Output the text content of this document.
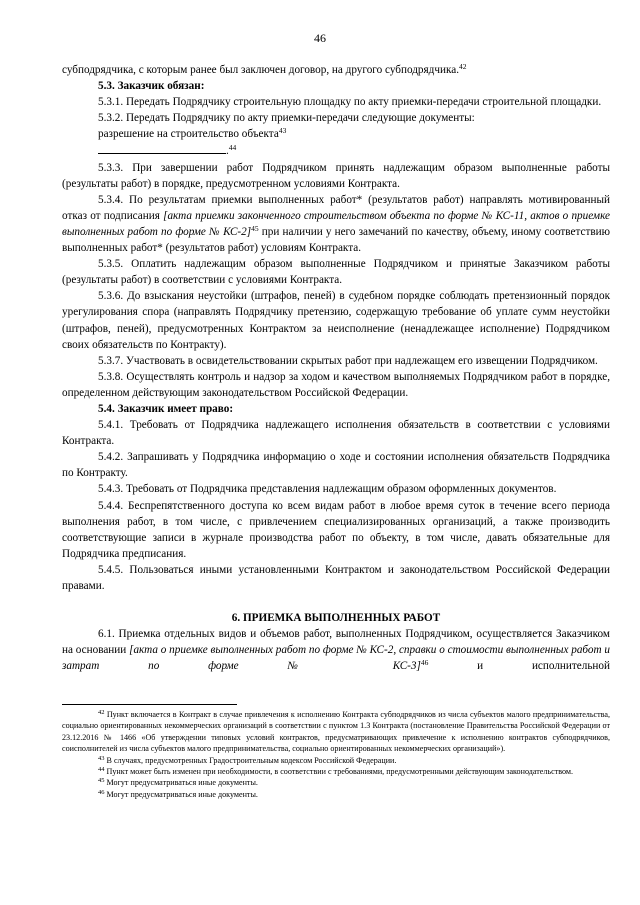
46
субподрядчика, с которым ранее был заключен договор, на другого субподрядчика.$^{42}$
5.3. Заказчик обязан:
5.3.1. Передать Подрядчику строительную площадку по акту приемки-передачи строительной площадки.
5.3.2. Передать Подрядчику по акту приемки-передачи следующие документы:
разрешение на строительство объекта$^{43}$
.$^{44}$
5.3.3. При завершении работ Подрядчиком принять надлежащим образом выполненные работы (результаты работ) в порядке, предусмотренном условиями Контракта.
5.3.4. По результатам приемки выполненных работ* (результатов работ) направлять мотивированный отказ от подписания [акта приемки законченного строительством объекта по форме № КС-11, актов о приемке выполненных работ по форме № КС-2]$^{45}$ при наличии у него замечаний по качеству, объему, иному соответствию выполненных работ* (результатов работ) условиям Контракта.
5.3.5. Оплатить надлежащим образом выполненные Подрядчиком и принятые Заказчиком работы (результаты работ) в соответствии с условиями Контракта.
5.3.6. До взыскания неустойки (штрафов, пеней) в судебном порядке соблюдать претензионный порядок урегулирования спора (направлять Подрядчику претензию, содержащую требование об уплате сумм неустойки (штрафов, пеней), предусмотренных Контрактом за неисполнение (ненадлежащее исполнение) Подрядчиком своих обязательств по Контракту).
5.3.7. Участвовать в освидетельствовании скрытых работ при надлежащем его извещении Подрядчиком.
5.3.8. Осуществлять контроль и надзор за ходом и качеством выполняемых Подрядчиком работ в порядке, определенном действующим законодательством Российской Федерации.
5.4. Заказчик имеет право:
5.4.1. Требовать от Подрядчика надлежащего исполнения обязательств в соответствии с условиями Контракта.
5.4.2. Запрашивать у Подрядчика информацию о ходе и состоянии исполнения обязательств Подрядчика по Контракту.
5.4.3. Требовать от Подрядчика представления надлежащим образом оформленных документов.
5.4.4. Беспрепятственного доступа ко всем видам работ в любое время суток в течение всего периода выполнения работ, в том числе, с привлечением специализированных организаций, а также производить соответствующие записи в журнале производства работ по объекту, в том числе, давать обязательные для Подрядчика предписания.
5.4.5. Пользоваться иными установленными Контрактом и законодательством Российской Федерации правами.
6. ПРИЕМКА ВЫПОЛНЕННЫХ РАБОТ
6.1. Приемка отдельных видов и объемов работ, выполненных Подрядчиком, осуществляется Заказчиком на основании [акта о приемке выполненных работ по форме № КС-2, справки о стоимости выполненных работ и затрат по форме № КС-3]$^{46}$ и исполнительной
$^{42}$ Пункт включается в Контракт в случае привлечения к исполнению Контракта субподрядчиков из числа субъектов малого предпринимательства, социально ориентированных некоммерческих организаций в соответствии с пунктом 1.3 Контракта (постановление Правительства Российской Федерации от 23.12.2016 № 1466 «Об утверждении типовых условий контрактов, предусматривающих привлечение к исполнению контрактов субподрядчиков, соисполнителей из числа субъектов малого предпринимательства, социально ориентированных некоммерческих организаций»).
$^{43}$ В случаях, предусмотренных Градостроительным кодексом Российской Федерации.
$^{44}$ Пункт может быть изменен при необходимости, в соответствии с требованиями, предусмотренными действующим законодательством.
$^{45}$ Могут предусматриваться иные документы.
$^{46}$ Могут предусматриваться иные документы.
